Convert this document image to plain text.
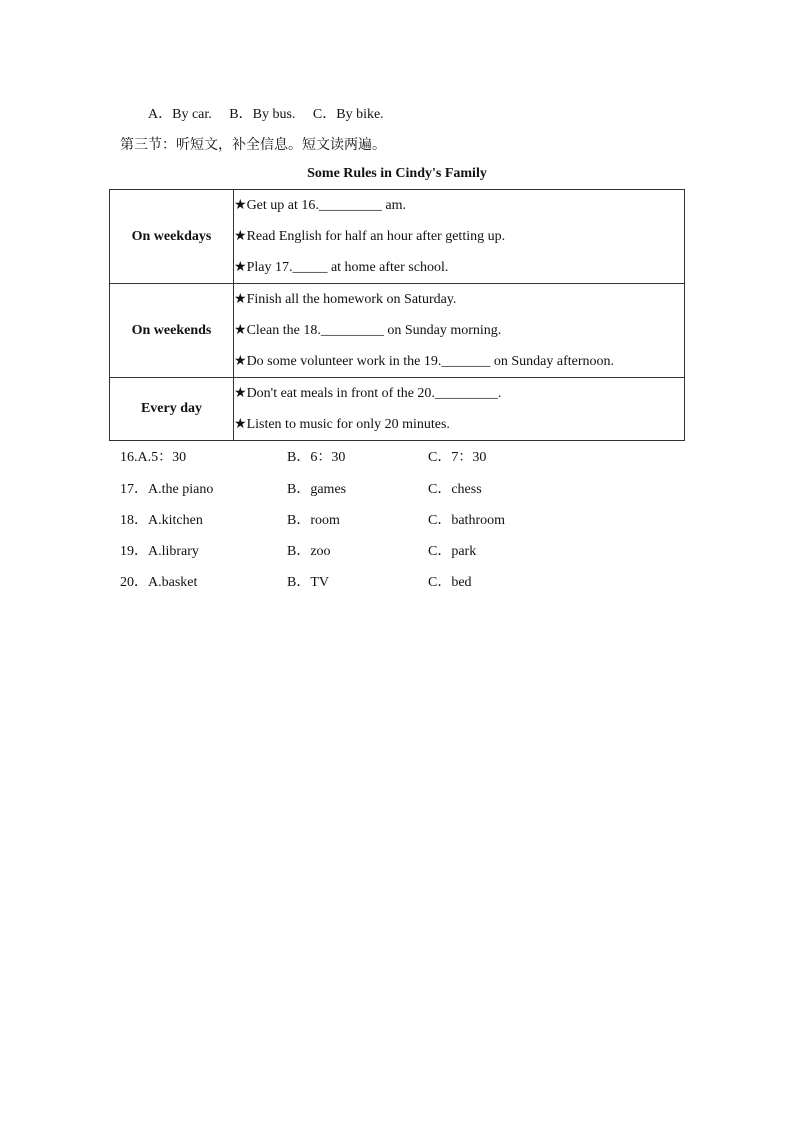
A．By car. B．By bus. C．By bike.
第三节：听短文，补全信息。短文读两遍。
Some Rules in Cindy's Family
On weekdays	★Get up at 16._________ am.
★Read English for half an hour after getting up.
★Play 17._____ at home after school.

On weekends	★Finish all the homework on Saturday.
★Clean the 18._________ on Sunday morning.
★Do some volunteer work in the 19._______ on Sunday afternoon.

Every day	★Don't eat meals in front of the 20._________.
★Listen to music for only 20 minutes.
16.A.5：30	B．6：30	C．7：30
17．A.the piano	B．games	C．chess
18．A.kitchen	B．room	C．bathroom
19．A.library	B．zoo	C．park
20．A.basket	B．TV	C．bed
